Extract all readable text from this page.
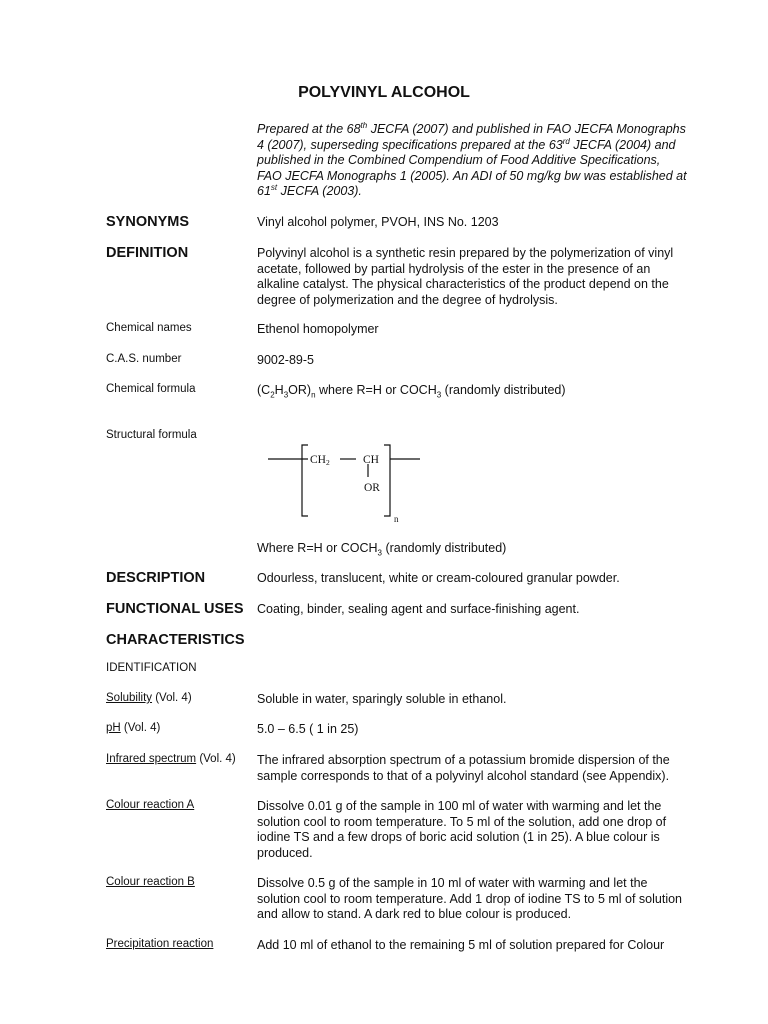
POLYVINYL ALCOHOL
Prepared at the 68th JECFA (2007) and published in FAO JECFA Monographs 4 (2007), superseding specifications prepared at the 63rd JECFA (2004) and published in the Combined Compendium of Food Additive Specifications, FAO JECFA Monographs 1 (2005). An ADI of 50 mg/kg bw was established at 61st JECFA (2003).
SYNONYMS	Vinyl alcohol polymer, PVOH, INS No. 1203
DEFINITION	Polyvinyl alcohol is a synthetic resin prepared by the polymerization of vinyl acetate, followed by partial hydrolysis of the ester in the presence of an alkaline catalyst. The physical characteristics of the product depend on the degree of polymerization and the degree of hydrolysis.
Chemical names	Ethenol homopolymer
C.A.S. number	9002-89-5
Chemical formula	$(C_2H_3OR)_n$ where R=H or $COCH_3$ (randomly distributed)
Structural formula
CH2	CH
OR
n
Where R=H or $COCH_3$ (randomly distributed)
DESCRIPTION	Odourless, translucent, white or cream-coloured granular powder.
FUNCTIONAL USES Coating, binder, sealing agent and surface-finishing agent.
CHARACTERISTICS
IDENTIFICATION
Solubility (Vol. 4)	Soluble in water, sparingly soluble in ethanol.
pH (Vol. 4)	5.0 – 6.5 ( 1 in 25)
Infrared spectrum (Vol. 4) The infrared absorption spectrum of a potassium bromide dispersion of the sample corresponds to that of a polyvinyl alcohol standard (see Appendix).
Colour reaction A	Dissolve 0.01 g of the sample in 100 ml of water with warming and let the solution cool to room temperature. To 5 ml of the solution, add one drop of iodine TS and a few drops of boric acid solution (1 in 25). A blue colour is produced.
Colour reaction B	Dissolve 0.5 g of the sample in 10 ml of water with warming and let the solution cool to room temperature. Add 1 drop of iodine TS to 5 ml of solution and allow to stand. A dark red to blue colour is produced.
Precipitation reaction	Add 10 ml of ethanol to the remaining 5 ml of solution prepared for Colour
